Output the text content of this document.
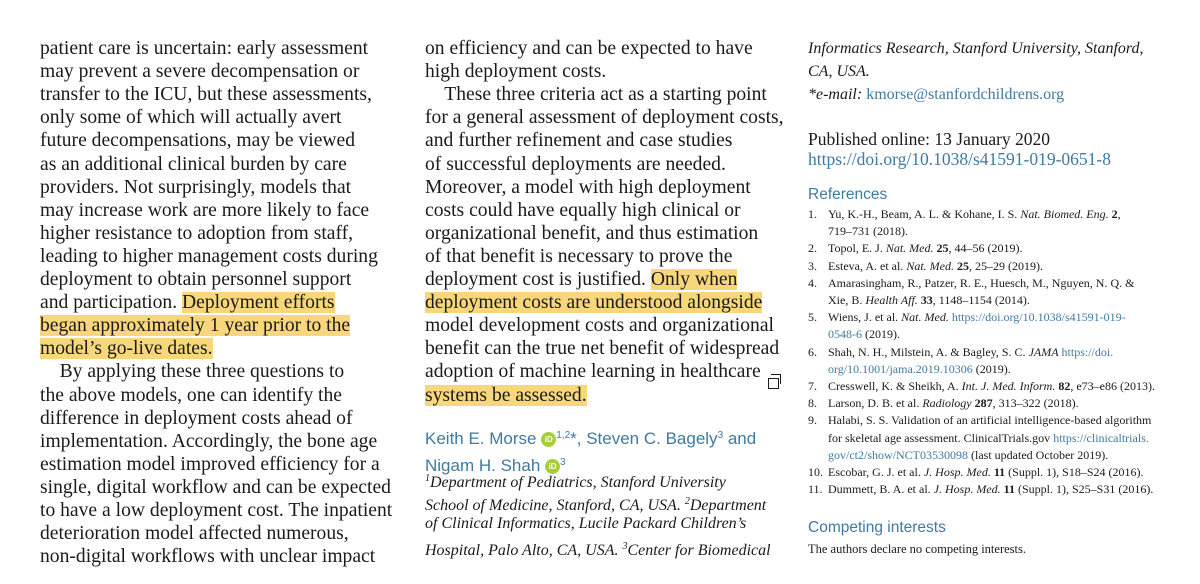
patient care is uncertain: early assessment
may prevent a severe decompensation or
transfer to the ICU, but these assessments,
only some of which will actually avert
future decompensations, may be viewed
as an additional clinical burden by care
providers. Not surprisingly, models that
may increase work are more likely to face
higher resistance to adoption from staff,
leading to higher management costs during
deployment to obtain personnel support
and participation. Deployment efforts
began approximately 1 year prior to the
model’s go-live dates.
By applying these three questions to
the above models, one can identify the
difference in deployment costs ahead of
implementation. Accordingly, the bone age
estimation model improved efficiency for a
single, digital workflow and can be expected
to have a low deployment cost. The inpatient
deterioration model affected numerous,
non-digital workflows with unclear impact
Keith E. Morse iD $^{1,2}$*, Steven C. Bagely$^3$ and
Nigam H. Shah iD $^3$
on efficiency and can be expected to have
high deployment costs.
These three criteria act as a starting point
for a general assessment of deployment costs,
and further refinement and case studies
of successful deployments are needed.
Moreover, a model with high deployment
costs could have equally high clinical or
organizational benefit, and thus estimation
of that benefit is necessary to prove the
deployment cost is justified. Only when
deployment costs are understood alongside
model development costs and organizational
benefit can the true net benefit of widespread
adoption of machine learning in healthcare
systems be assessed.
$^1$Department of Pediatrics, Stanford University
School of Medicine, Stanford, CA, USA. $^2$Department
of Clinical Informatics, Lucile Packard Children’s
Hospital, Palo Alto, CA, USA. $^3$Center for Biomedical
Informatics Research, Stanford University, Stanford,
CA, USA.
*e-mail: kmorse@stanfordchildrens.org
Published online: 13 January 2020
https://doi.org/10.1038/s41591-019-0651-8
References
1. Yu, K.-H., Beam, A. L. & Kohane, I. S. Nat. Biomed. Eng. 2,
719–731 (2018).
2. Topol, E. J. Nat. Med. 25, 44–56 (2019).
3. Esteva, A. et al. Nat. Med. 25, 25–29 (2019).
4. Amarasingham, R., Patzer, R. E., Huesch, M., Nguyen, N. Q. &
Xie, B. Health Aff. 33, 1148–1154 (2014).
5. Wiens, J. et al. Nat. Med. https://doi.org/10.1038/s41591-019-
0548-6 (2019).
6. Shah, N. H., Milstein, A. & Bagley, S. C. JAMA https://doi.
org/10.1001/jama.2019.10306 (2019).
7. Cresswell, K. & Sheikh, A. Int. J. Med. Inform. 82, e73–e86 (2013).
8. Larson, D. B. et al. Radiology 287, 313–322 (2018).
9. Halabi, S. S. Validation of an artificial intelligence-based algorithm
for skeletal age assessment. ClinicalTrials.gov https://clinicaltrials.
gov/ct2/show/NCT03530098 (last updated October 2019).
10. Escobar, G. J. et al. J. Hosp. Med. 11 (Suppl. 1), S18–S24 (2016).
11. Dummett, B. A. et al. J. Hosp. Med. 11 (Suppl. 1), S25–S31 (2016).
Competing interests
The authors declare no competing interests.
